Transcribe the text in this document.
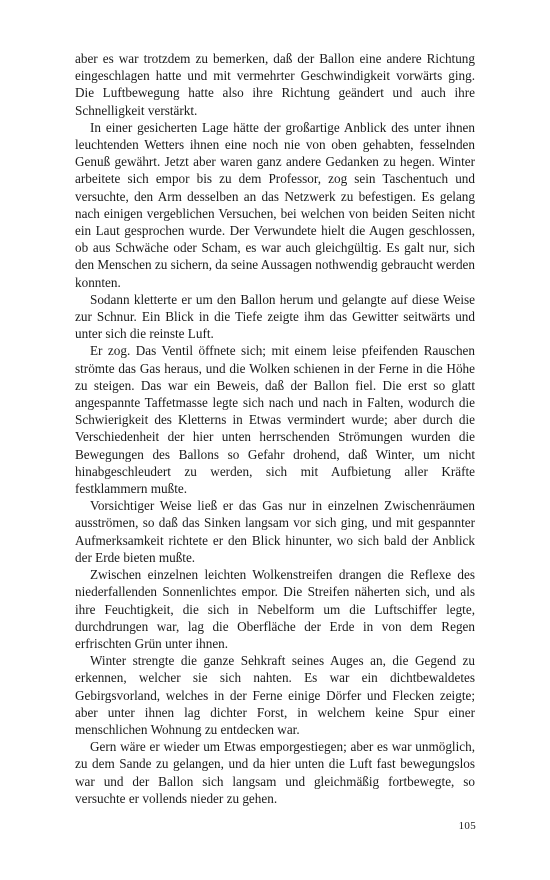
aber es war trotzdem zu bemerken, daß der Ballon eine andere Richtung eingeschlagen hatte und mit vermehrter Geschwindigkeit vorwärts ging. Die Luftbewegung hatte also ihre Richtung geändert und auch ihre Schnelligkeit verstärkt.

In einer gesicherten Lage hätte der großartige Anblick des unter ihnen leuchtenden Wetters ihnen eine noch nie von oben gehabten, fesselnden Genuß gewährt. Jetzt aber waren ganz andere Gedanken zu hegen. Winter arbeitete sich empor bis zu dem Professor, zog sein Taschentuch und versuchte, den Arm desselben an das Netzwerk zu befestigen. Es gelang nach einigen vergeblichen Versuchen, bei welchen von beiden Seiten nicht ein Laut gesprochen wurde. Der Verwundete hielt die Augen geschlossen, ob aus Schwäche oder Scham, es war auch gleichgültig. Es galt nur, sich den Menschen zu sichern, da seine Aussagen nothwendig gebraucht werden konnten.

Sodann kletterte er um den Ballon herum und gelangte auf diese Weise zur Schnur. Ein Blick in die Tiefe zeigte ihm das Gewitter seitwärts und unter sich die reinste Luft.

Er zog. Das Ventil öffnete sich; mit einem leise pfeifenden Rauschen strömte das Gas heraus, und die Wolken schienen in der Ferne in die Höhe zu steigen. Das war ein Beweis, daß der Ballon fiel. Die erst so glatt angespannte Taffetmasse legte sich nach und nach in Falten, wodurch die Schwierigkeit des Kletterns in Etwas vermindert wurde; aber durch die Verschiedenheit der hier unten herrschenden Strömungen wurden die Bewegungen des Ballons so Gefahr drohend, daß Winter, um nicht hinabgeschleudert zu werden, sich mit Aufbietung aller Kräfte festklammern mußte.

Vorsichtiger Weise ließ er das Gas nur in einzelnen Zwischenräumen ausströmen, so daß das Sinken langsam vor sich ging, und mit gespannter Aufmerksamkeit richtete er den Blick hinunter, wo sich bald der Anblick der Erde bieten mußte.

Zwischen einzelnen leichten Wolkenstreifen drangen die Reflexe des niederfallenden Sonnenlichtes empor. Die Streifen näherten sich, und als ihre Feuchtigkeit, die sich in Nebelform um die Luftschiffer legte, durchdrungen war, lag die Oberfläche der Erde in von dem Regen erfrischten Grün unter ihnen.

Winter strengte die ganze Sehkraft seines Auges an, die Gegend zu erkennen, welcher sie sich nahten. Es war ein dichtbewaldetes Gebirgsvorland, welches in der Ferne einige Dörfer und Flecken zeigte; aber unter ihnen lag dichter Forst, in welchem keine Spur einer menschlichen Wohnung zu entdecken war.

Gern wäre er wieder um Etwas emporgestiegen; aber es war unmöglich, zu dem Sande zu gelangen, und da hier unten die Luft fast bewegungslos war und der Ballon sich langsam und gleichmäßig fortbewegte, so versuchte er vollends nieder zu gehen.

105
